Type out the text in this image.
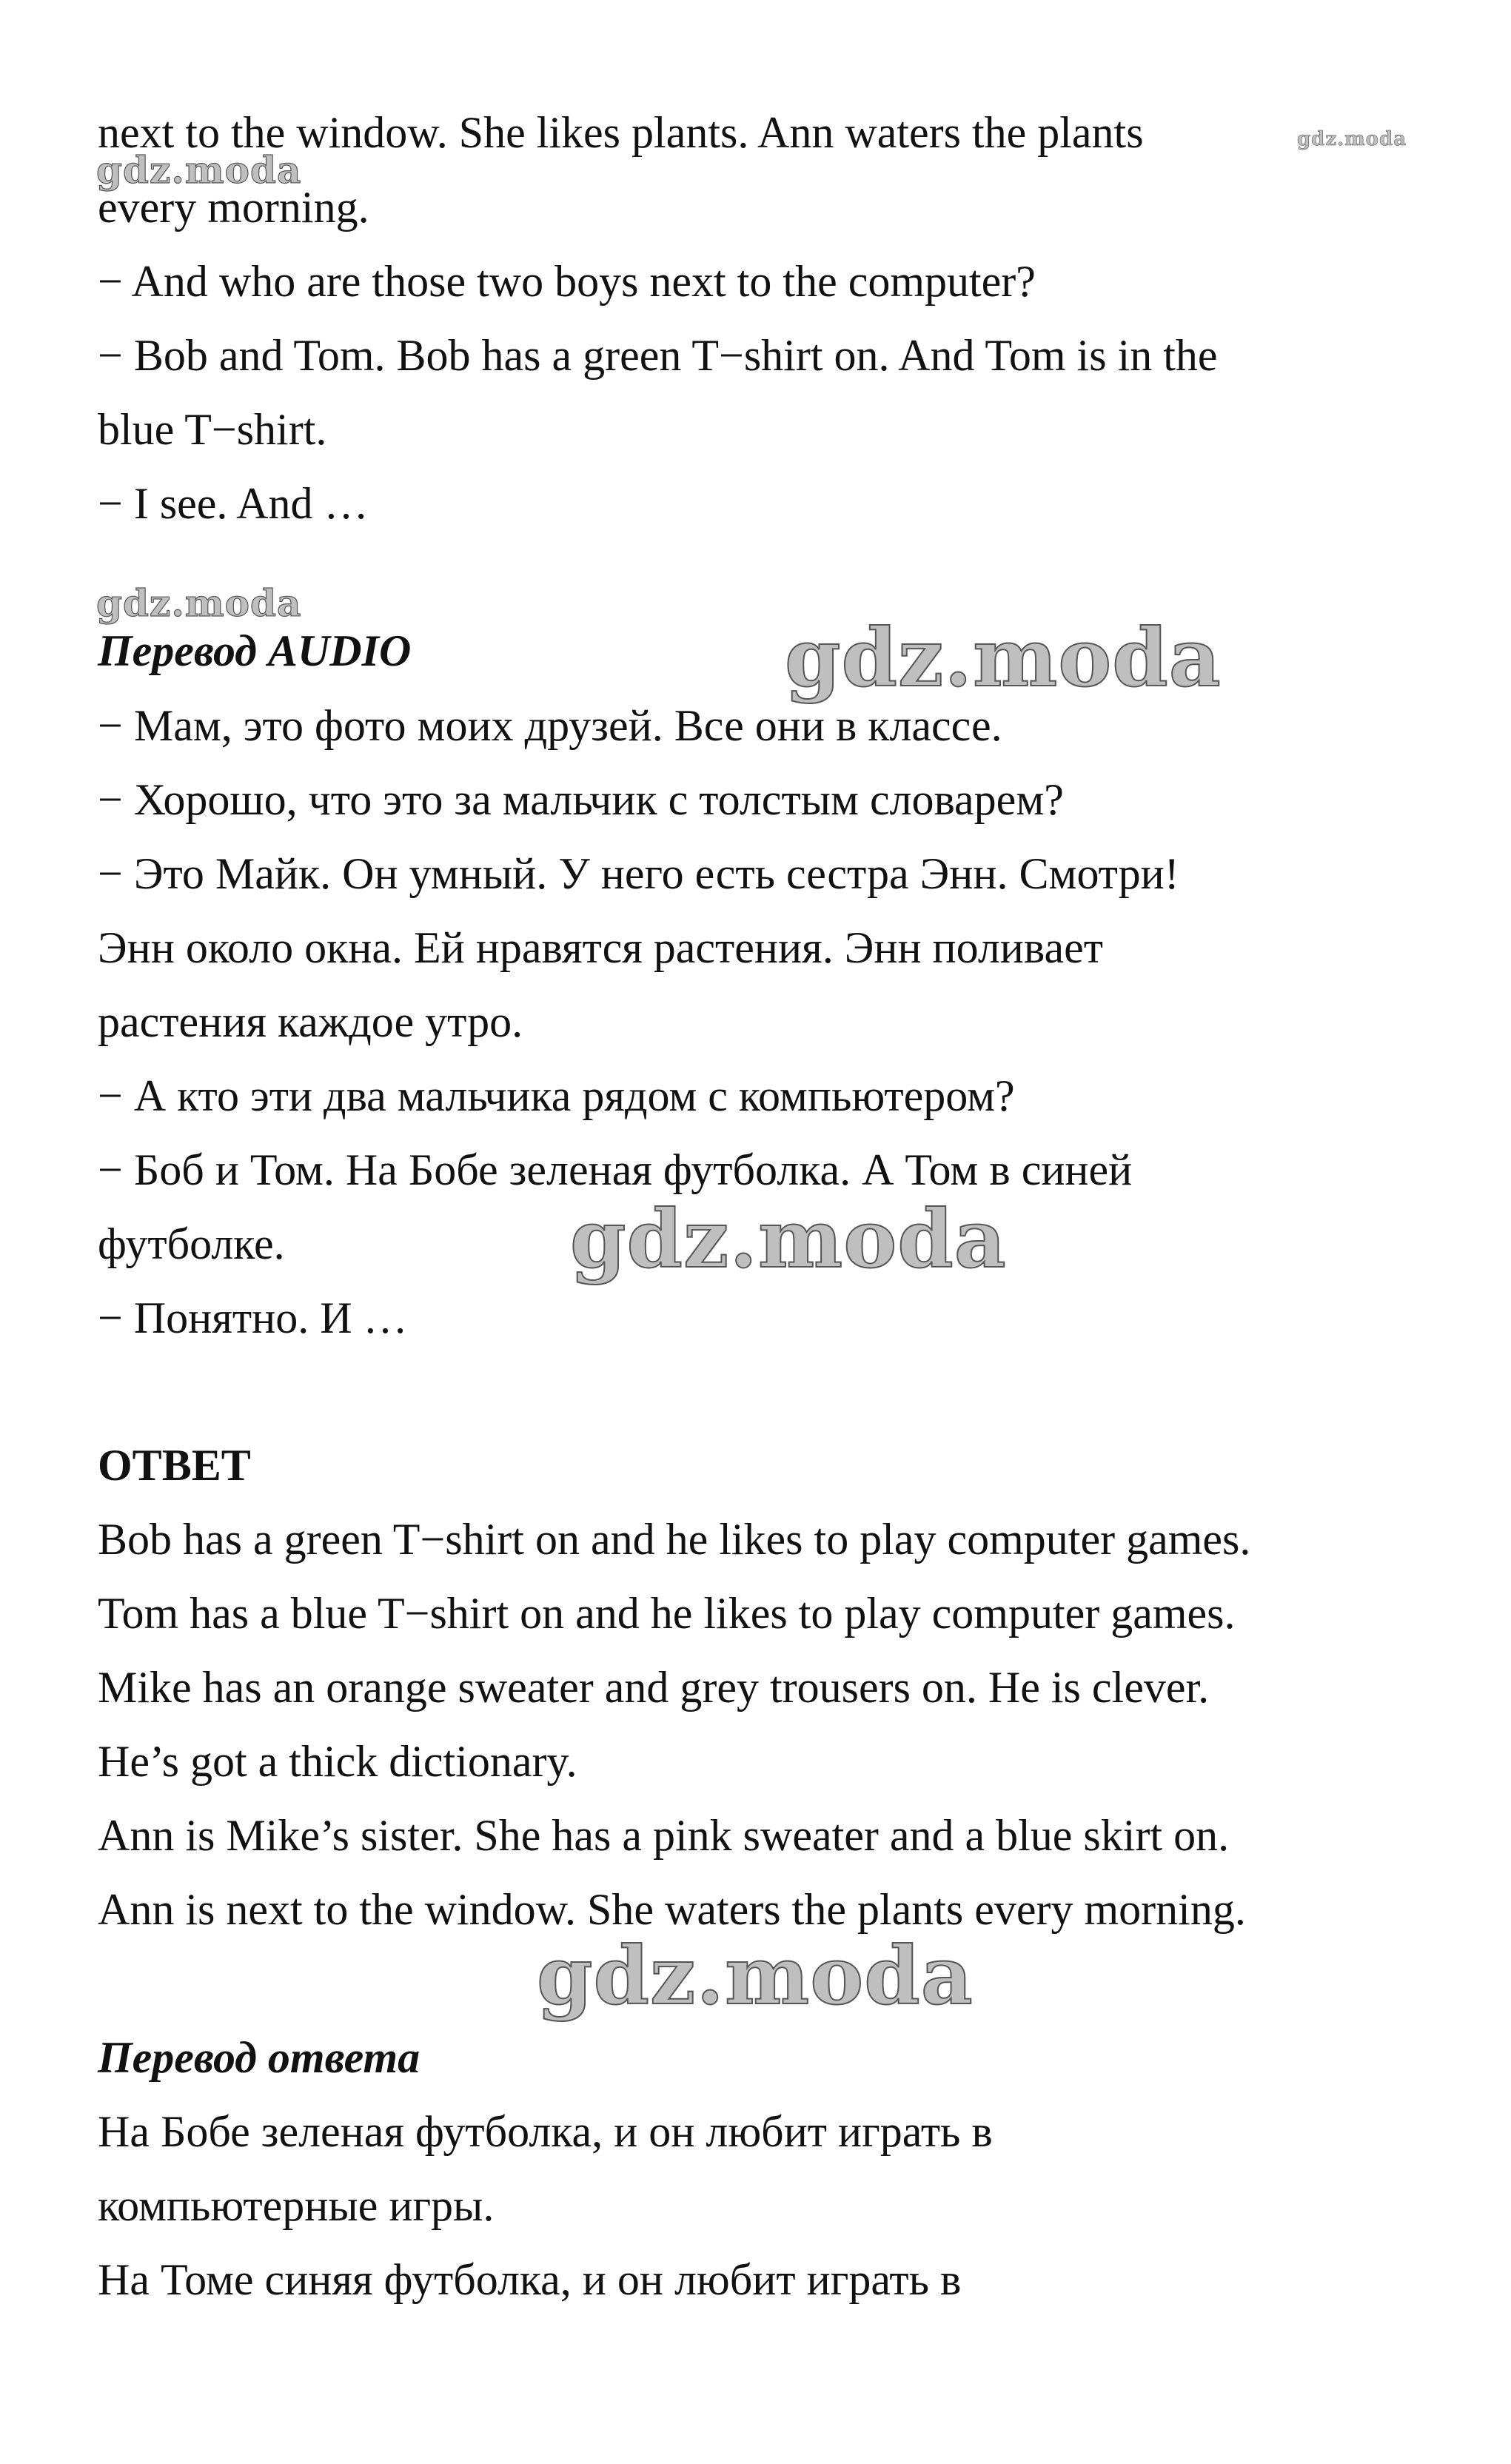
next to the window. She likes plants. Ann waters the plants
every morning.
− And who are those two boys next to the computer?
− Bob and Tom. Bob has a green T−shirt on. And Tom is in the
blue T−shirt.
− I see. And …
Перевод AUDIO
− Мам, это фото моих друзей. Все они в классе.
− Хорошо, что это за мальчик с толстым словарем?
− Это Майк. Он умный. У него есть сестра Энн. Смотри!
Энн около окна. Ей нравятся растения. Энн поливает
растения каждое утро.
− А кто эти два мальчика рядом с компьютером?
− Боб и Том. На Бобе зеленая футболка. А Том в синей
футболке.
− Понятно. И …
ОТВЕТ
Bob has a green T−shirt on and he likes to play computer games.
Tom has a blue T−shirt on and he likes to play computer games.
Mike has an orange sweater and grey trousers on. He is clever.
He’s got a thick dictionary.
Ann is Mike’s sister. She has a pink sweater and a blue skirt on.
Ann is next to the window. She waters the plants every morning.
Перевод ответа
На Бобе зеленая футболка, и он любит играть в
компьютерные игры.
На Томе синяя футболка, и он любит играть в
gdz.moda
gdz.moda
gdz.moda
gdz.moda
gdz.moda
gdz.moda
